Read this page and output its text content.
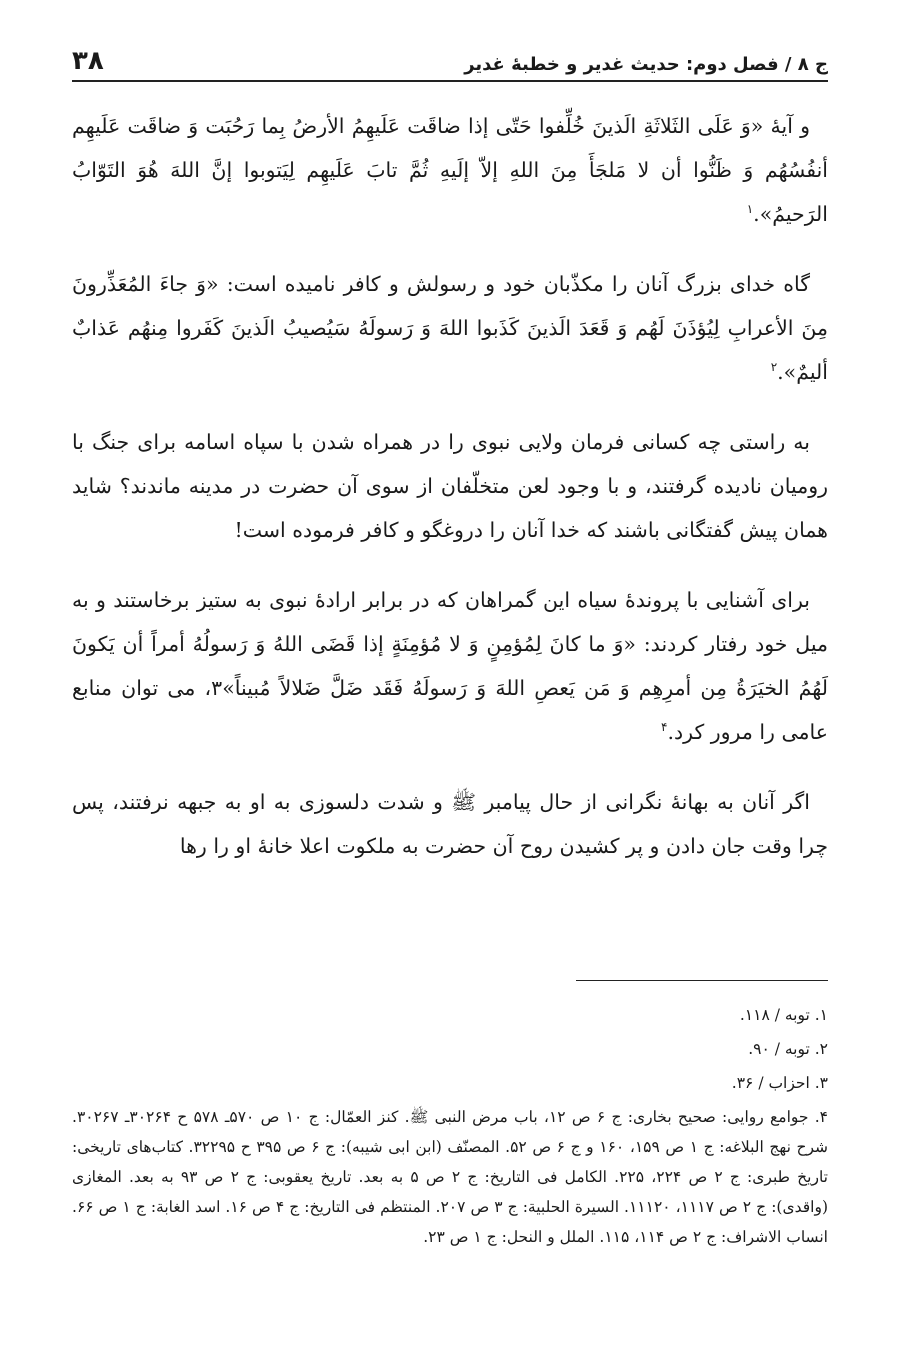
ج ۸ / فصل دوم: حدیث غدیر و خطبهٔ غدیر
۳۸

و آیهٔ «وَ عَلَی الثَلاثَةِ الَذینَ خُلِّفوا حَتّی إذا ضاقَت عَلَیهِمُ الأرضُ بِما رَحُبَت وَ ضاقَت عَلَیهِم أنفُسُهُم وَ ظَنُّوا أن لا مَلجَأَ مِنَ اللهِ إلاّ إلَیهِ ثُمَّ تابَ عَلَیهِم لِیَتوبوا إنَّ اللهَ هُوَ التَوّابُ الرَحیمُ».$^۱$

گاه خدای بزرگ آنان را مکذّبان خود و رسولش و کافر نامیده است: «وَ جاءَ المُعَذِّرونَ مِنَ الأعرابِ لِیُؤذَنَ لَهُم وَ قَعَدَ الَذینَ کَذَبوا اللهَ وَ رَسولَهُ سَیُصیبُ الَذینَ کَفَروا مِنهُم عَذابٌ ألیمٌ».$^۲$

به راستی چه کسانی فرمان ولایی نبوی را در همراه شدن با سپاه اسامه برای جنگ با رومیان نادیده گرفتند، و با وجود لعن متخلّفان از سوی آن حضرت در مدینه ماندند؟ شاید همان پیش گفتگانی باشند که خدا آنان را دروغگو و کافر فرموده است!

برای آشنایی با پروندهٔ سیاه این گمراهان که در برابر ارادهٔ نبوی به ستیز برخاستند و به میل خود رفتار کردند: «وَ ما کانَ لِمُؤمِنٍ وَ لا مُؤمِنَةٍ إذا قَضَی اللهُ وَ رَسولُهُ أمراً أن یَکونَ لَهُمُ الخیَرَةُ مِن أمرِهِم وَ مَن یَعصِ اللهَ وَ رَسولَهُ فَقَد ضَلَّ ضَلالاً مُبیناً»۳، می توان منابع عامی را مرور کرد.$^۴$

اگر آنان به بهانهٔ نگرانی از حال پیامبر ﷺ و شدت دلسوزی به او به جبهه نرفتند، پس چرا وقت جان دادن و پر کشیدن روح آن حضرت به ملکوت اعلا خانهٔ او را رها

۱. توبه / ۱۱۸.

۲. توبه / ۹۰.

۳. احزاب / ۳۶.

۴. جوامع روایی: صحیح بخاری: ج ۶ ص ۱۲، باب مرض النبی ﷺ. کنز العمّال: ج ۱۰ ص ۵۷۰ـ ۵۷۸ ح ۳۰۲۶۴ـ ۳۰۲۶۷. شرح نهج البلاغه: ج ۱ ص ۱۵۹، ۱۶۰ و ج ۶ ص ۵۲. المصنّف (ابن ابی شیبه): ج ۶ ص ۳۹۵ ح ۳۲۲۹۵. کتاب‌های تاریخی: تاریخ طبری: ج ۲ ص ۲۲۴، ۲۲۵. الکامل فی التاریخ: ج ۲ ص ۵ به بعد. تاریخ یعقوبی: ج ۲ ص ۹۳ به بعد. المغازی (واقدی): ج ۲ ص ۱۱۱۷، ۱۱۱۲۰. السیرة الحلبیة: ج ۳ ص ۲۰۷. المنتظم فی التاریخ: ج ۴ ص ۱۶. اسد الغابة: ج ۱ ص ۶۶. انساب الاشراف: ج ۲ ص ۱۱۴، ۱۱۵. الملل و النحل: ج ۱ ص ۲۳.
